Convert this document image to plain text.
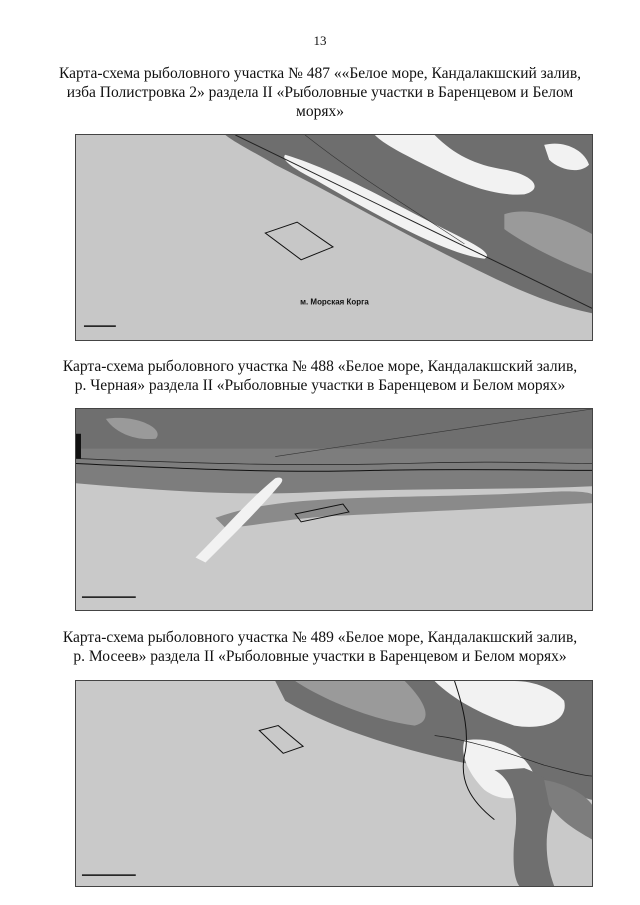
13
Карта-схема рыболовного участка № 487 ««Белое море, Кандалакшский залив,
изба Полистровка 2» раздела II «Рыболовные участки в Баренцевом и Белом
морях»
м. Морская Корга
Карта-схема рыболовного участка № 488 «Белое море, Кандалакшский залив,
р. Черная» раздела II «Рыболовные участки в Баренцевом и Белом морях»
Карта-схема рыболовного участка № 489 «Белое море, Кандалакшский залив,
р. Мосеев» раздела II «Рыболовные участки в Баренцевом и Белом морях»
